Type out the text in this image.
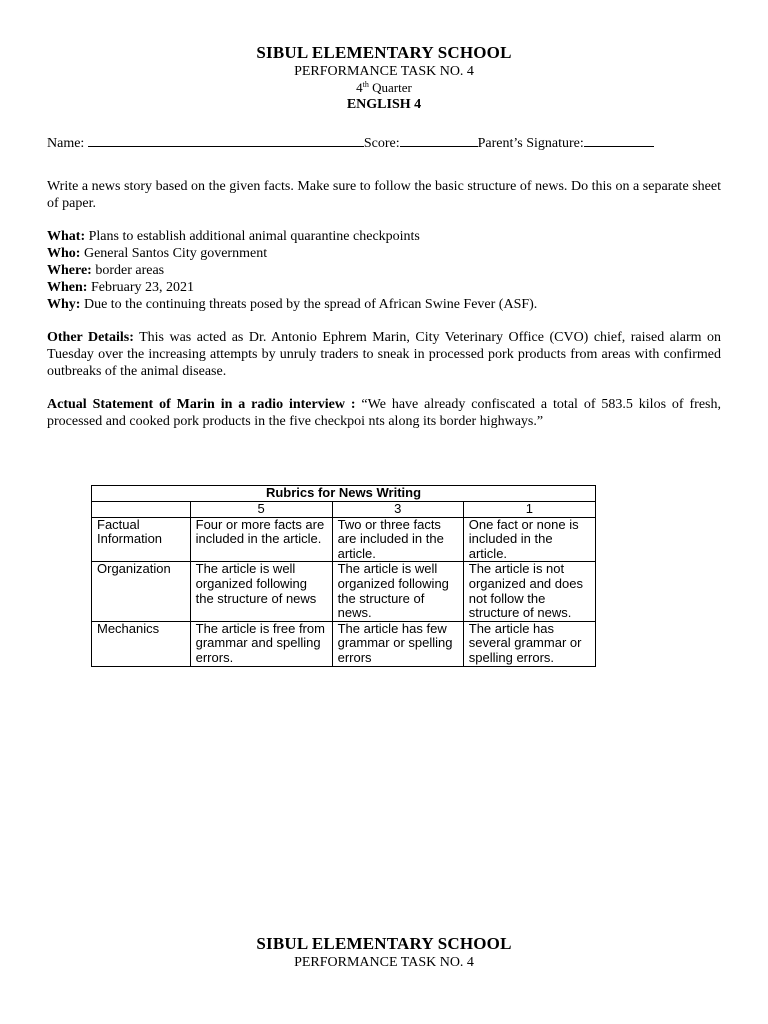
SIBUL ELEMENTARY SCHOOL
PERFORMANCE TASK NO. 4
4th Quarter
ENGLISH 4
Name:	Score:	Parent’s Signature:
Write a news story based on the given facts. Make sure to follow the basic structure of news. Do this on a separate sheet of paper.
What: Plans to establish additional animal quarantine checkpoints
Who: General Santos City government
Where: border areas
When: February 23, 2021
Why: Due to the continuing threats posed by the spread of African Swine Fever (ASF).
Other Details: This was acted as Dr. Antonio Ephrem Marin, City Veterinary Office (CVO) chief, raised alarm on Tuesday over the increasing attempts by unruly traders to sneak in processed pork products from areas with confirmed outbreaks of the animal disease.
Actual Statement of Marin in a radio interview : “We have already confiscated a total of 583.5 kilos of fresh, processed and cooked pork products in the five checkpoi nts along its border highways.”
Rubrics for News Writing			
	5	3	1
Factual Information	Four or more facts are included in the article.	Two or three facts are included in the article.	One fact or none is included in the article.
Organization	The article is well organized following the structure of news	The article is well organized following the structure of news.	The article is not organized and does not follow the structure of news.
Mechanics	The article is free from grammar and spelling errors.	The article has few grammar or spelling errors	The article has several grammar or spelling errors.
SIBUL ELEMENTARY SCHOOL
PERFORMANCE TASK NO. 4
